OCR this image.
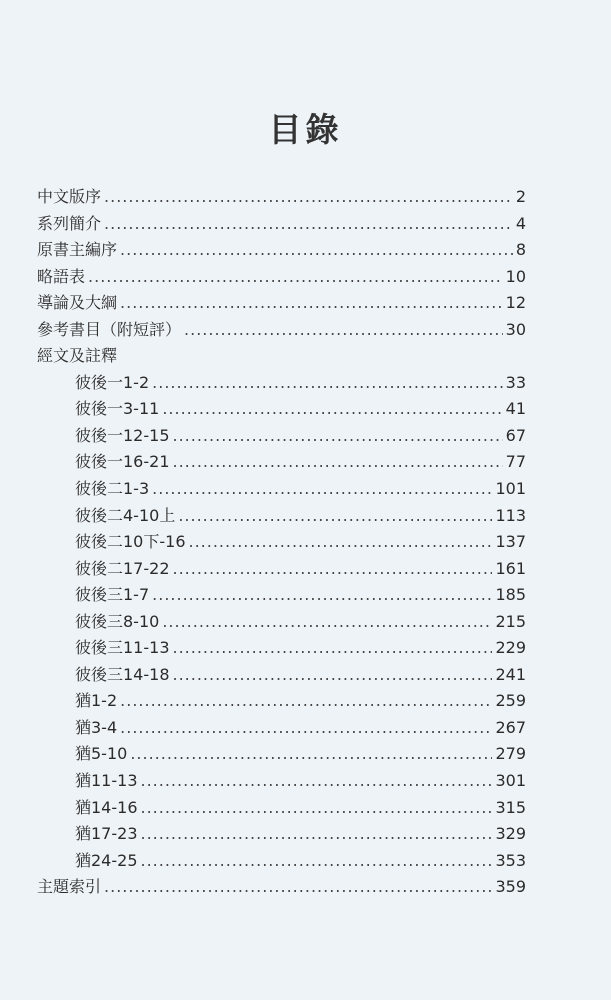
目錄
中文版序 .....	2
系列簡介 .....	4
原書主編序 .....	8
略語表 .....	10
導論及大綱 .....	12
參考書目（附短評） .....	30
經文及註釋
彼後一1-2 .....	33
彼後一3-11 .....	41
彼後一12-15 .....	67
彼後一16-21 .....	77
彼後二1-3 .....	101
彼後二4-10上 .....	113
彼後二10下-16 .....	137
彼後二17-22 .....	161
彼後三1-7 .....	185
彼後三8-10 .....	215
彼後三11-13 .....	229
彼後三14-18 .....	241
猶1-2 .....	259
猶3-4 .....	267
猶5-10 .....	279
猶11-13 .....	301
猶14-16 .....	315
猶17-23 .....	329
猶24-25 .....	353
主題索引 .....	359
